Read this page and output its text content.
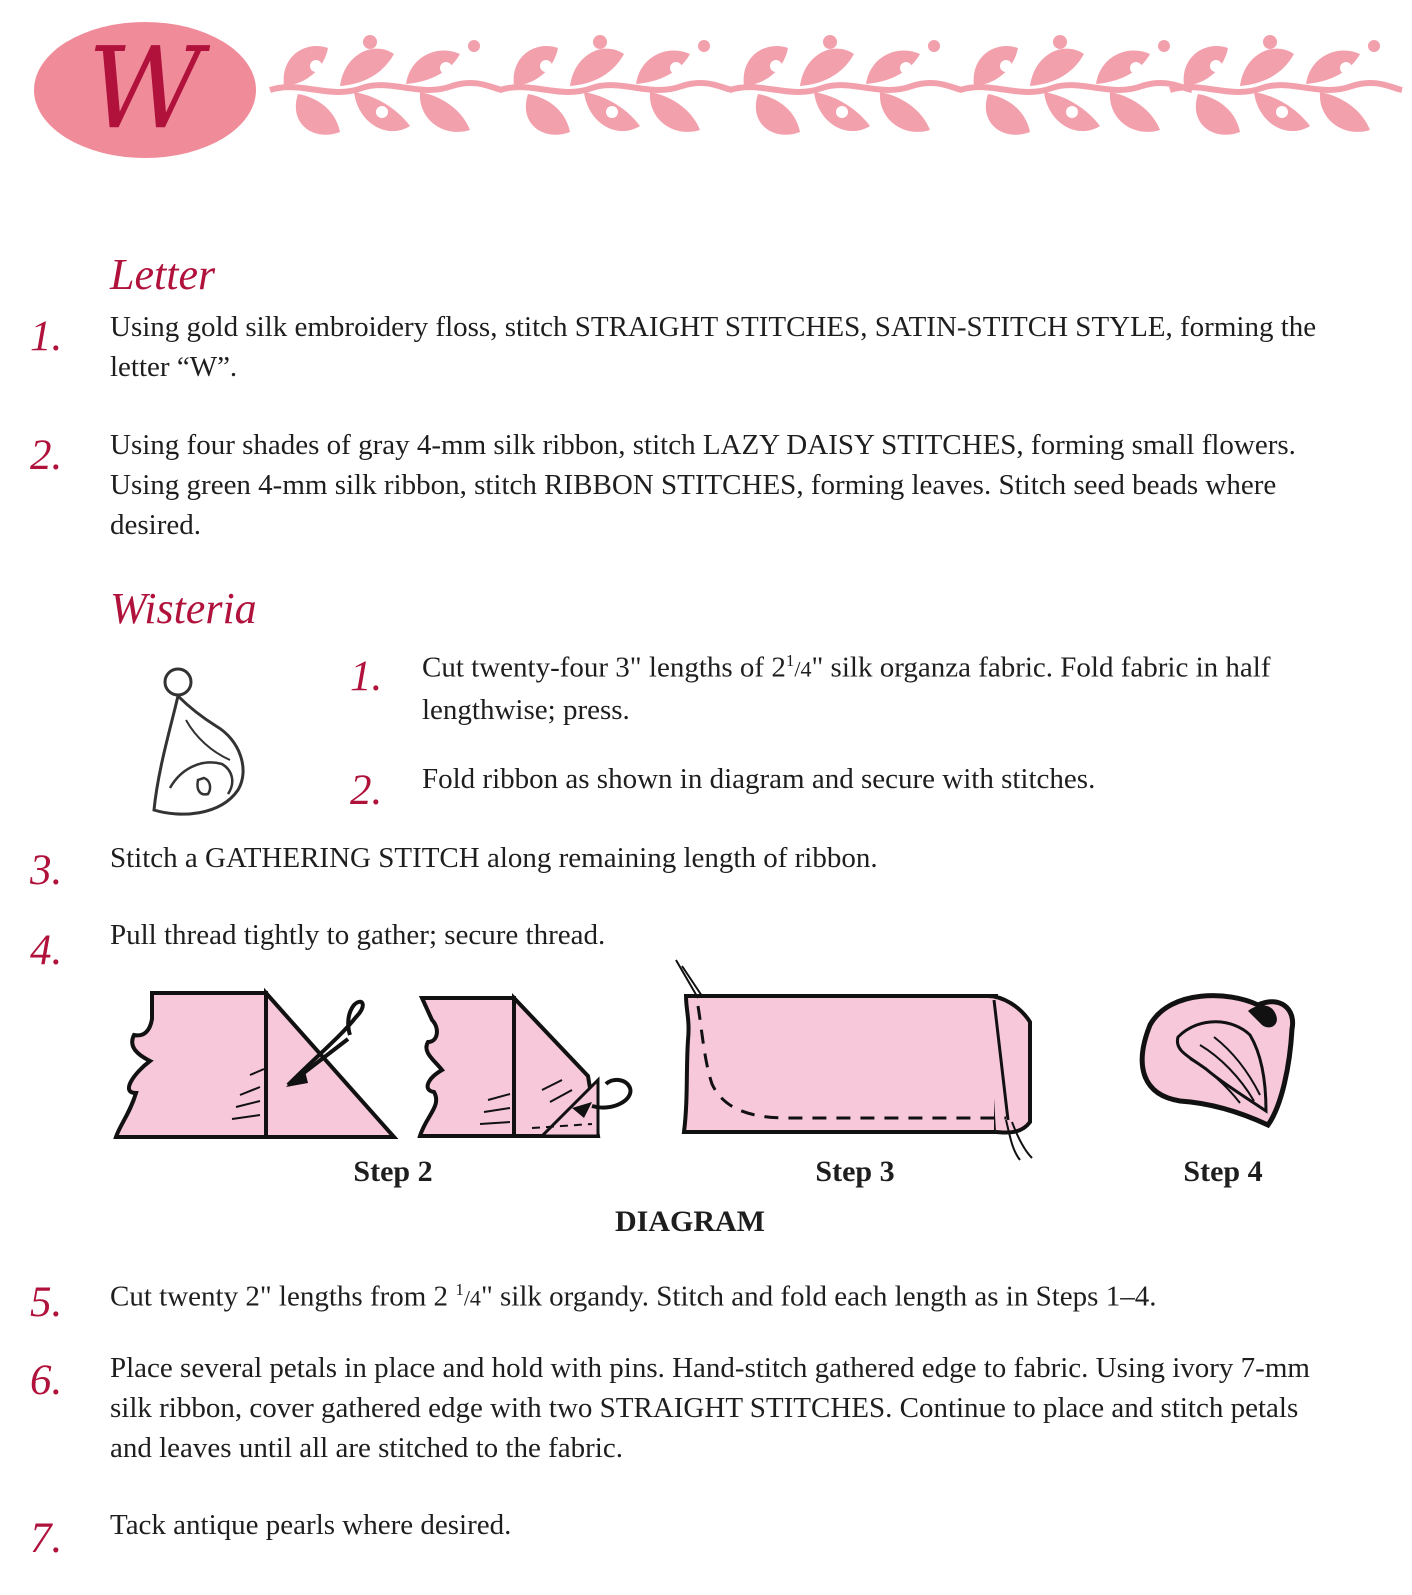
W
Letter
1. Using gold silk embroidery floss, stitch STRAIGHT STITCHES, SATIN-STITCH STYLE, forming the letter “W”.

2. Using four shades of gray 4-mm silk ribbon, stitch LAZY DAISY STITCHES, forming small flowers. Using green 4-mm silk ribbon, stitch RIBBON STITCHES, forming leaves. Stitch seed beads where desired.

Wisteria
1. Cut twenty-four 3" lengths of $2^1/4$" silk organza fabric. Fold fabric in half lengthwise; press.

2. Fold ribbon as shown in diagram and secure with stitches.

3. Stitch a GATHERING STITCH along remaining length of ribbon.

4. Pull thread tightly to gather; secure thread.

Step 2	Step 3	Step 4
DIAGRAM
5. Cut twenty 2" lengths from 2 $^1$/4" silk organdy. Stitch and fold each length as in Steps 1–4.

6. Place several petals in place and hold with pins. Hand-stitch gathered edge to fabric. Using ivory 7-mm silk ribbon, cover gathered edge with two STRAIGHT STITCHES. Continue to place and stitch petals and leaves until all are stitched to the fabric.

7. Tack antique pearls where desired.
